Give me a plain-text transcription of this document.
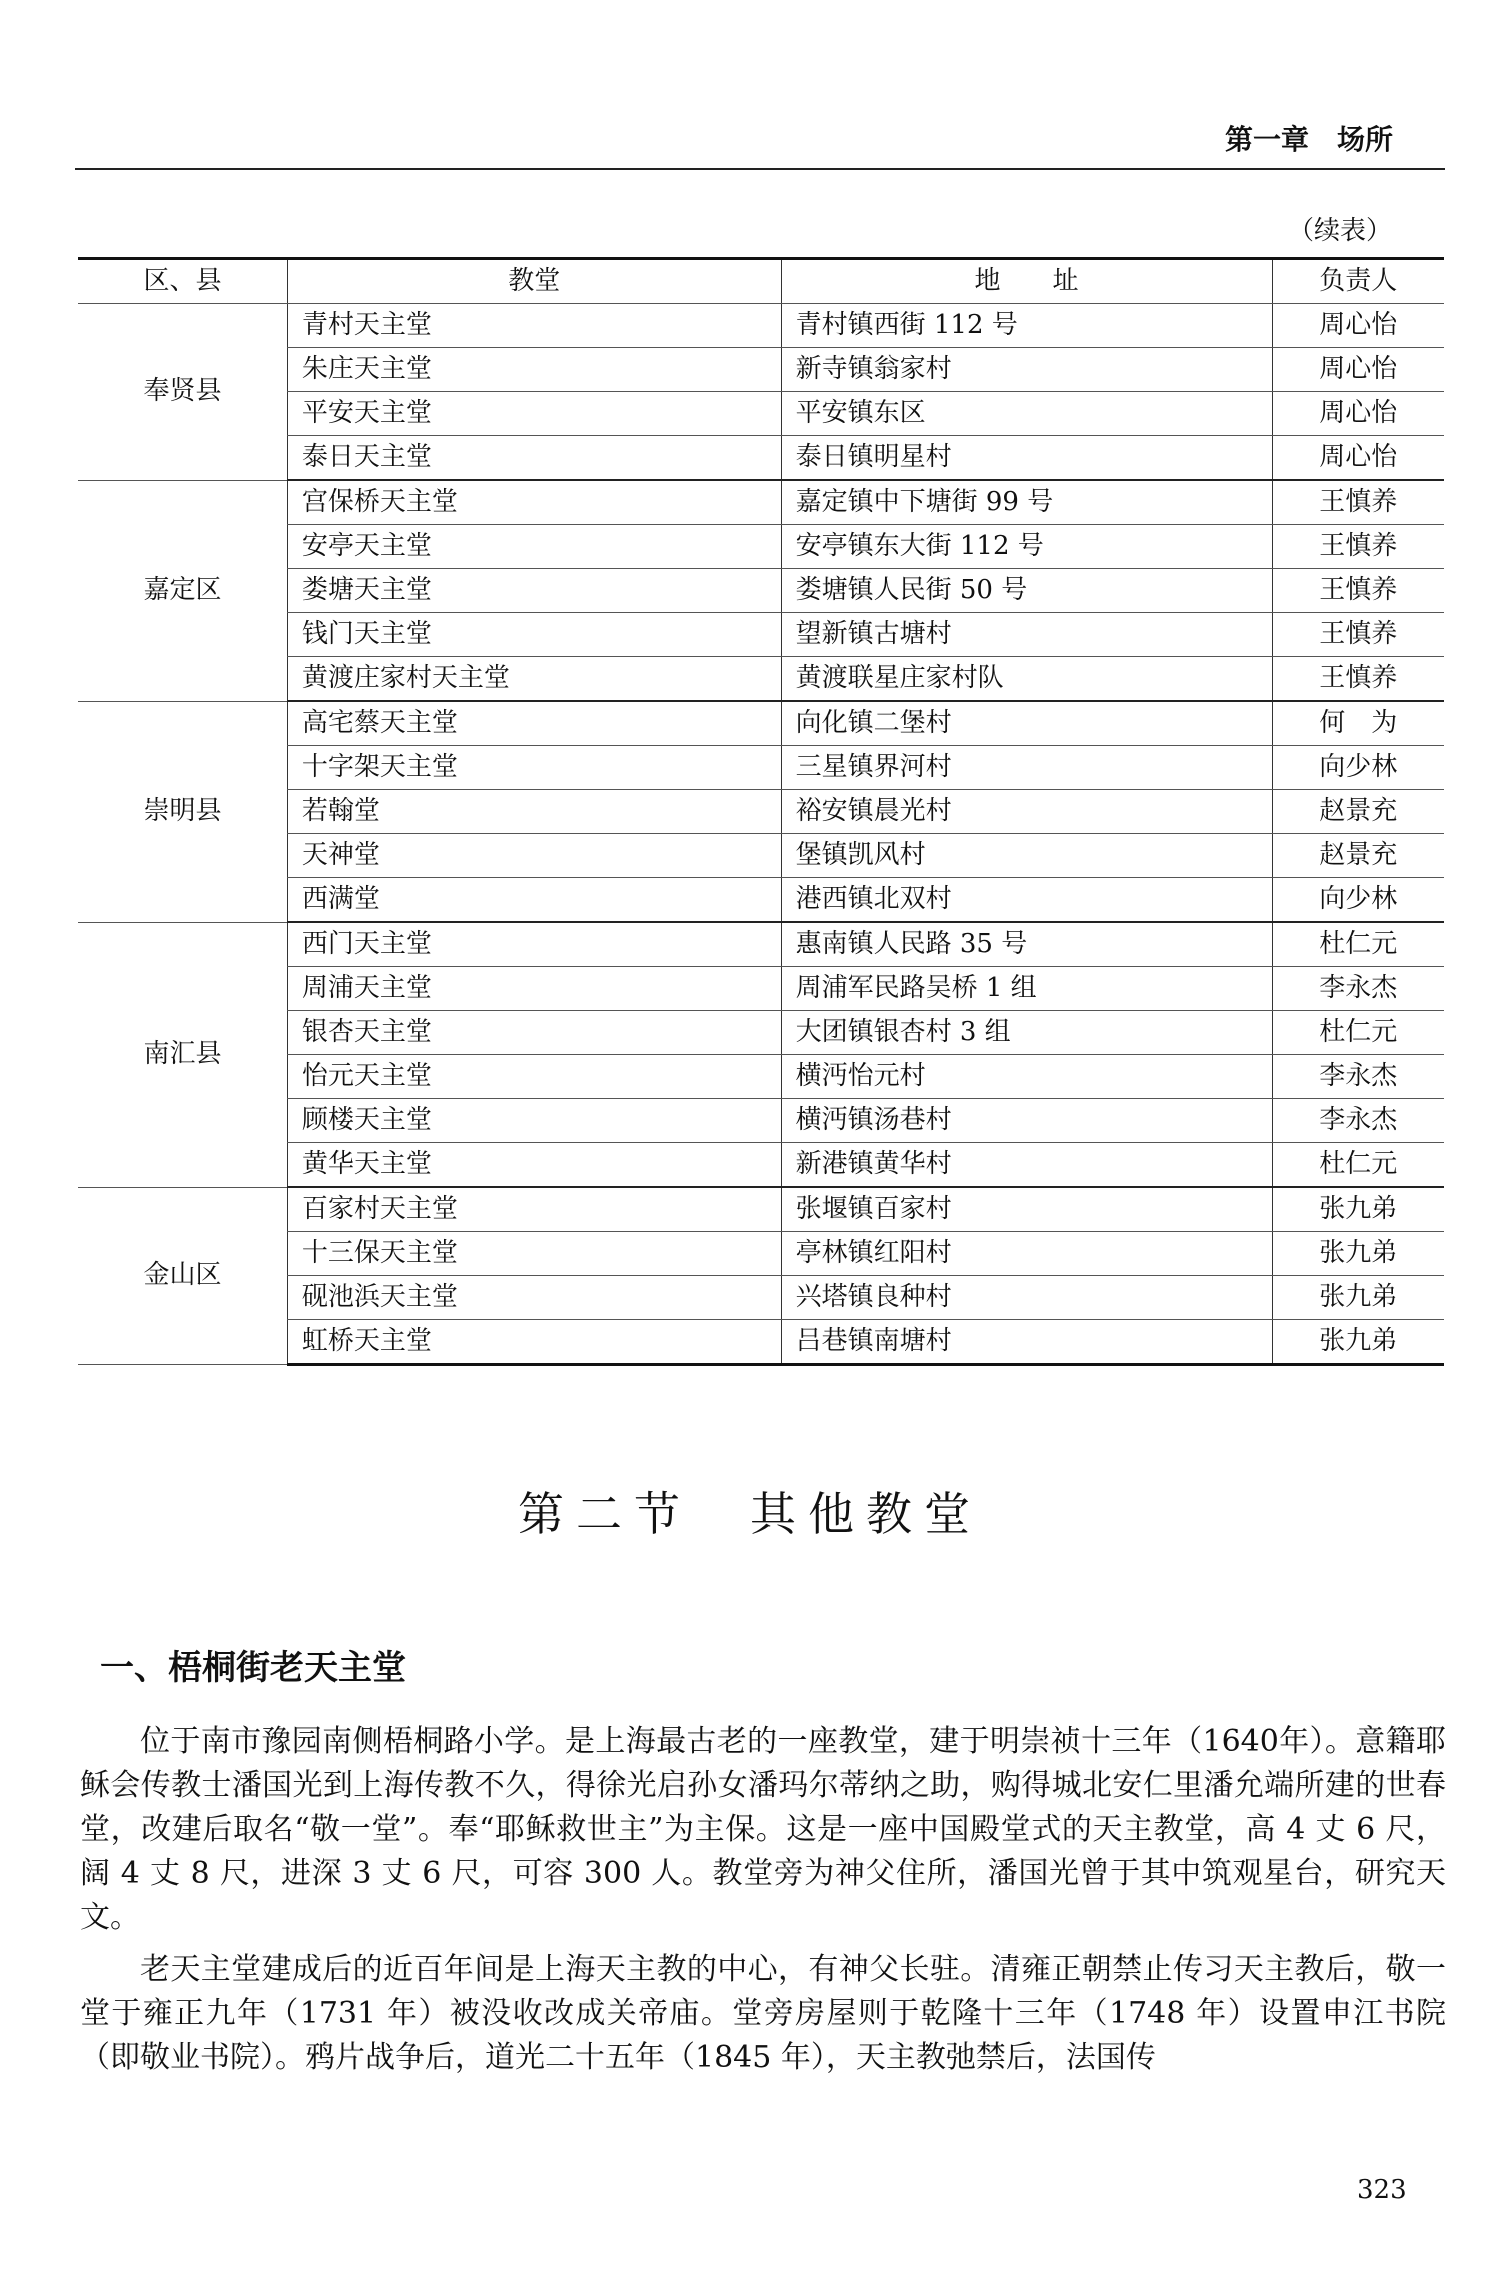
第一章　场所
（续表）
区、县	教堂	地　　址	负责人
奉贤县	青村天主堂	青村镇西街 112 号	周心怡
	朱庄天主堂	新寺镇翁家村	周心怡
	平安天主堂	平安镇东区	周心怡
	泰日天主堂	泰日镇明星村	周心怡
嘉定区	宫保桥天主堂	嘉定镇中下塘街 99 号	王慎养
	安亭天主堂	安亭镇东大街 112 号	王慎养
	娄塘天主堂	娄塘镇人民街 50 号	王慎养
	钱门天主堂	望新镇古塘村	王慎养
	黄渡庄家村天主堂	黄渡联星庄家村队	王慎养
崇明县	高宅蔡天主堂	向化镇二堡村	何　为
	十字架天主堂	三星镇界河村	向少林
	若翰堂	裕安镇晨光村	赵景充
	天神堂	堡镇凯风村	赵景充
	西满堂	港西镇北双村	向少林
南汇县	西门天主堂	惠南镇人民路 35 号	杜仁元
	周浦天主堂	周浦军民路吴桥 1 组	李永杰
	银杏天主堂	大团镇银杏村 3 组	杜仁元
	怡元天主堂	横沔怡元村	李永杰
	顾楼天主堂	横沔镇汤巷村	李永杰
	黄华天主堂	新港镇黄华村	杜仁元
金山区	百家村天主堂	张堰镇百家村	张九弟
	十三保天主堂	亭林镇红阳村	张九弟
	砚池浜天主堂	兴塔镇良种村	张九弟
	虹桥天主堂	吕巷镇南塘村	张九弟
第二节　其他教堂
一、梧桐街老天主堂

位于南市豫园南侧梧桐路小学。是上海最古老的一座教堂，建于明崇祯十三年（1640年）。意籍耶稣会传教士潘国光到上海传教不久，得徐光启孙女潘玛尔蒂纳之助，购得城北安仁里潘允端所建的世春堂，改建后取名“敬一堂”。奉“耶稣救世主”为主保。这是一座中国殿堂式的天主教堂，高 4 丈 6 尺，阔 4 丈 8 尺，进深 3 丈 6 尺，可容 300 人。教堂旁为神父住所，潘国光曾于其中筑观星台，研究天文。

老天主堂建成后的近百年间是上海天主教的中心，有神父长驻。清雍正朝禁止传习天主教后，敬一堂于雍正九年（1731 年）被没收改成关帝庙。堂旁房屋则于乾隆十三年（1748 年）设置申江书院（即敬业书院）。鸦片战争后，道光二十五年（1845 年），天主教弛禁后，法国传

323
